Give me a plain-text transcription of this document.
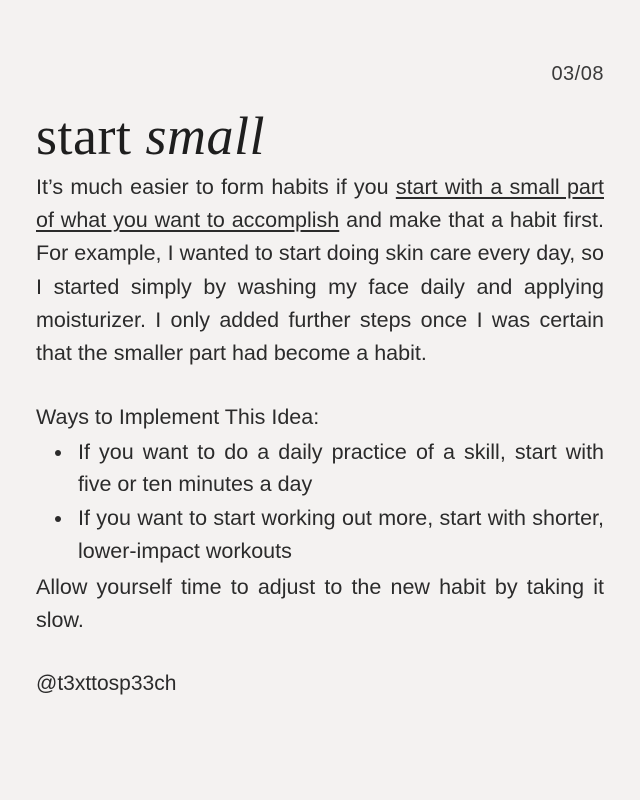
03/08
start small

It’s much easier to form habits if you start with a small part of what you want to accomplish and make that a habit first. For example, I wanted to start doing skin care every day, so I started simply by washing my face daily and applying moisturizer. I only added further steps once I was certain that the smaller part had become a habit.

Ways to Implement This Idea:

• If you want to do a daily practice of a skill, start with five or ten minutes a day
• If you want to start working out more, start with shorter, lower-impact workouts

Allow yourself time to adjust to the new habit by taking it slow.

@t3xttosp33ch
